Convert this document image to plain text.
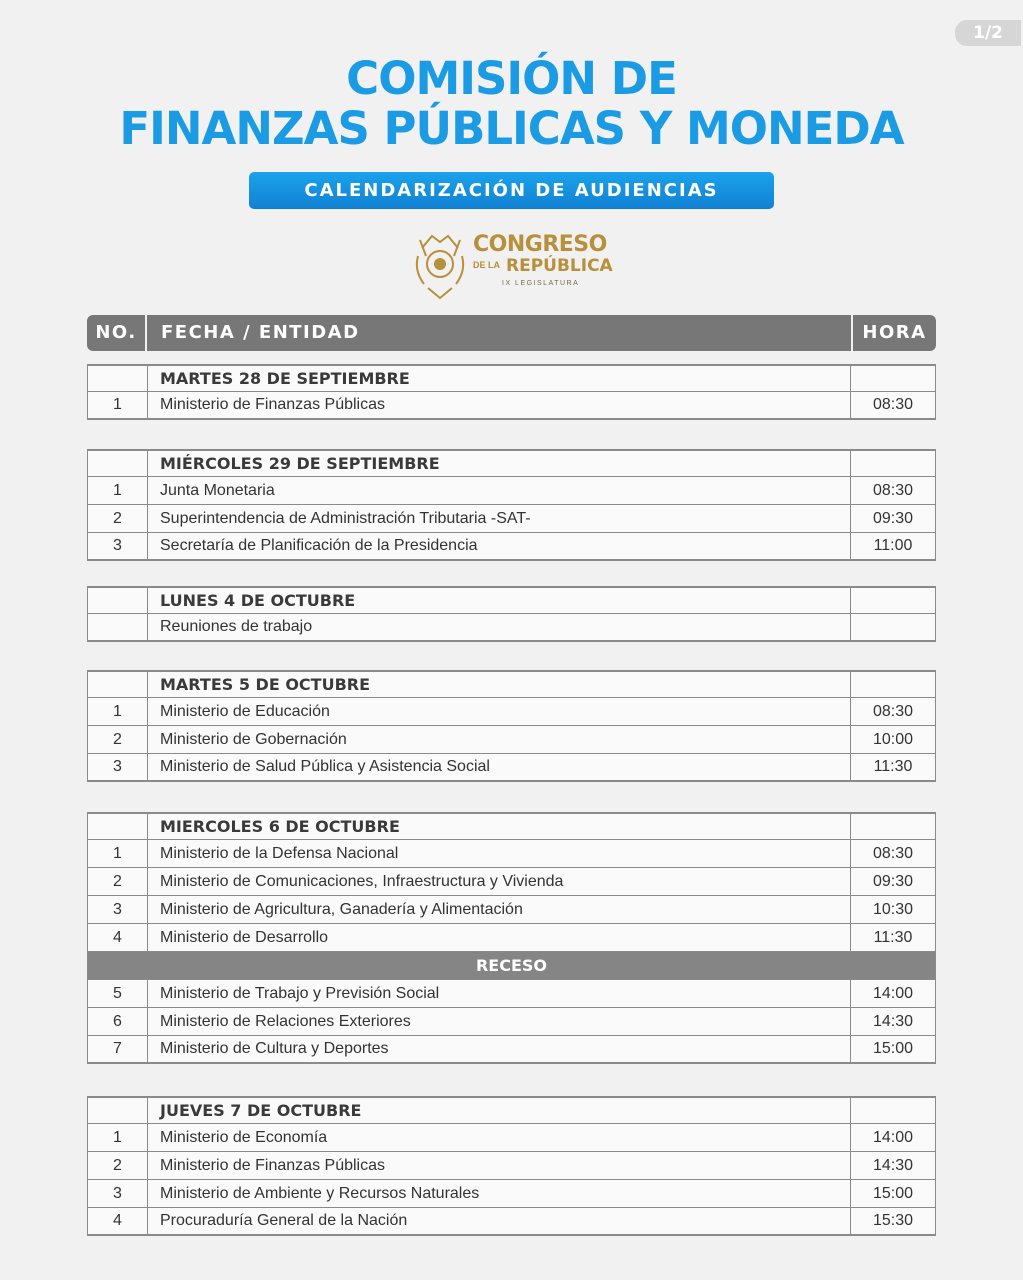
1/2
COMISIÓN DE
FINANZAS PÚBLICAS Y MONEDA
CALENDARIZACIÓN DE AUDIENCIAS
CONGRESO
DE LA REPÚBLICA
IX LEGISLATURA
NO.	FECHA / ENTIDAD	HORA
MARTES 28 DE SEPTIEMBRE
1	Ministerio de Finanzas Públicas	08:30
MIÉRCOLES 29 DE SEPTIEMBRE
1	Junta Monetaria	08:30
2	Superintendencia de Administración Tributaria -SAT-	09:30
3	Secretaría de Planificación de la Presidencia	11:00
LUNES 4 DE OCTUBRE
Reuniones de trabajo
MARTES 5 DE OCTUBRE
1	Ministerio de Educación	08:30
2	Ministerio de Gobernación	10:00
3	Ministerio de Salud Pública y Asistencia Social	11:30
MIERCOLES 6 DE OCTUBRE
1	Ministerio de la Defensa Nacional	08:30
2	Ministerio de Comunicaciones, Infraestructura y Vivienda	09:30
3	Ministerio de Agricultura, Ganadería y Alimentación	10:30
4	Ministerio de Desarrollo	11:30
RECESO
5	Ministerio de Trabajo y Previsión Social	14:00
6	Ministerio de Relaciones Exteriores	14:30
7	Ministerio de Cultura y Deportes	15:00
JUEVES 7 DE OCTUBRE
1	Ministerio de Economía	14:00
2	Ministerio de Finanzas Públicas	14:30
3	Ministerio de Ambiente y Recursos Naturales	15:00
4	Procuraduría General de la Nación	15:30
